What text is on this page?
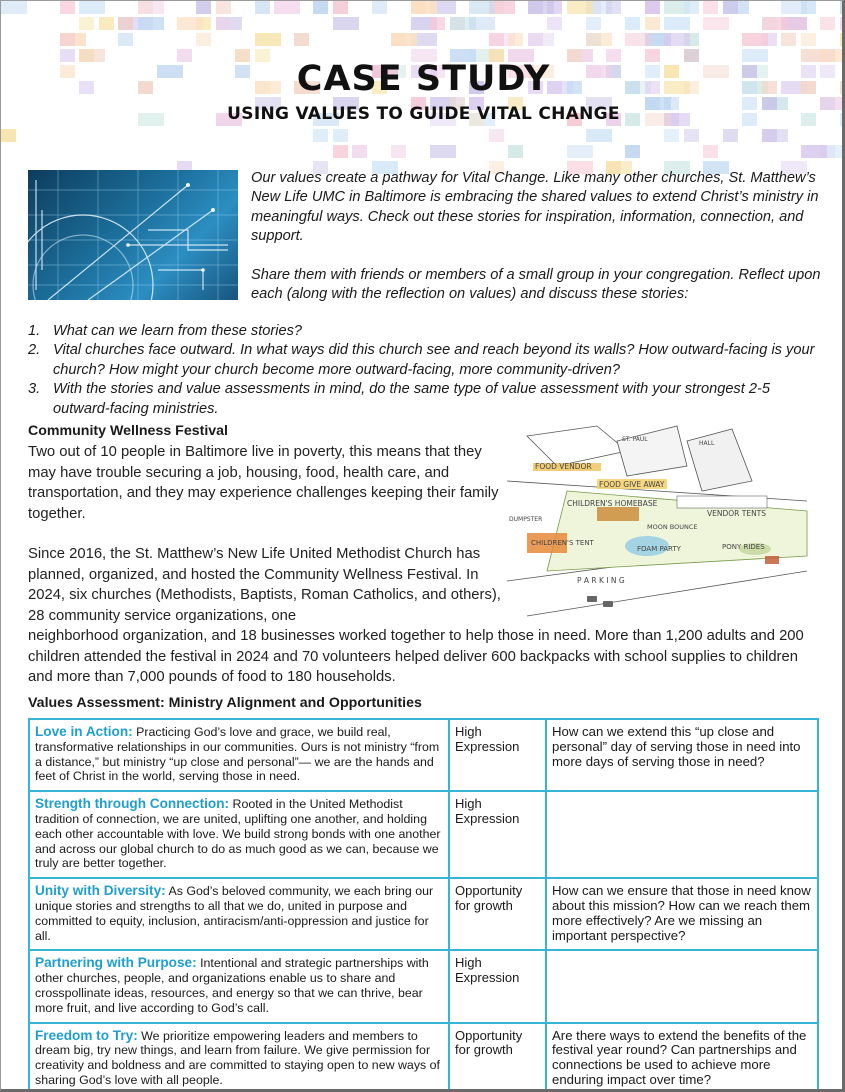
CASE STUDY
USING VALUES TO GUIDE VITAL CHANGE

Our values create a pathway for Vital Change. Like many other churches, St. Matthew’s New Life UMC in Baltimore is embracing the shared values to extend Christ’s ministry in meaningful ways. Check out these stories for inspiration, information, connection, and support.

Share them with friends or members of a small group in your congregation. Reflect upon each (along with the reflection on values) and discuss these stories:

1. What can we learn from these stories?
2. Vital churches face outward. In what ways did this church see and reach beyond its walls? How outward-facing is your church? How might your church become more outward-facing, more community-driven?
3. With the stories and value assessments in mind, do the same type of value assessment with your strongest 2-5 outward-facing ministries.
Community Wellness Festival
Two out of 10 people in Baltimore live in poverty, this means that they may have trouble securing a job, housing, food, health care, and transportation, and they may experience challenges keeping their family together.
Since 2016, the St. Matthew’s New Life United Methodist Church has planned, organized, and hosted the Community Wellness Festival. In 2024, six churches (Methodists, Baptists, Roman Catholics, and others), 28 community service organizations, one
neighborhood organization, and 18 businesses worked together to help those in need. More than 1,200 adults and 200 children attended the festival in 2024 and 70 volunteers helped deliver 600 backpacks with school supplies to children and more than 7,000 pounds of food to 180 households.
FOOD VENDOR
FOOD GIVE AWAY
CHILDREN'S HOMEBASE
DUMPSTER
VENDOR TENTS
MOON BOUNCE
CHILDREN'S TENT
FOAM PARTY	PONY RIDES
P A R K I N G
ST. PAUL
HALL
Values Assessment: Ministry Alignment and Opportunities
Love in Action: Practicing God’s love and grace, we build real, transformative relationships in our communities. Ours is not ministry “from a distance,” but ministry “up close and personal”— we are the hands and feet of Christ in the world, serving those in need.	High Expression	How can we extend this “up close and personal” day of serving those in need into more days of serving those in need?
Strength through Connection: Rooted in the United Methodist tradition of connection, we are united, uplifting one another, and holding each other accountable with love. We build strong bonds with one another and across our global church to do as much good as we can, because we truly are better together.	High Expression	
Unity with Diversity: As God’s beloved community, we each bring our unique stories and strengths to all that we do, united in purpose and committed to equity, inclusion, antiracism/anti-oppression and justice for all.	Opportunity for growth	How can we ensure that those in need know about this mission? How can we reach them more effectively? Are we missing an important perspective?
Partnering with Purpose: Intentional and strategic partnerships with other churches, people, and organizations enable us to share and crosspollinate ideas, resources, and energy so that we can thrive, bear more fruit, and live according to God’s call.	High Expression	
Freedom to Try: We prioritize empowering leaders and members to dream big, try new things, and learn from failure. We give permission for creativity and boldness and are committed to staying open to new ways of sharing God’s love with all people.	Opportunity for growth	Are there ways to extend the benefits of the festival year round? Can partnerships and connections be used to achieve more enduring impact over time?
